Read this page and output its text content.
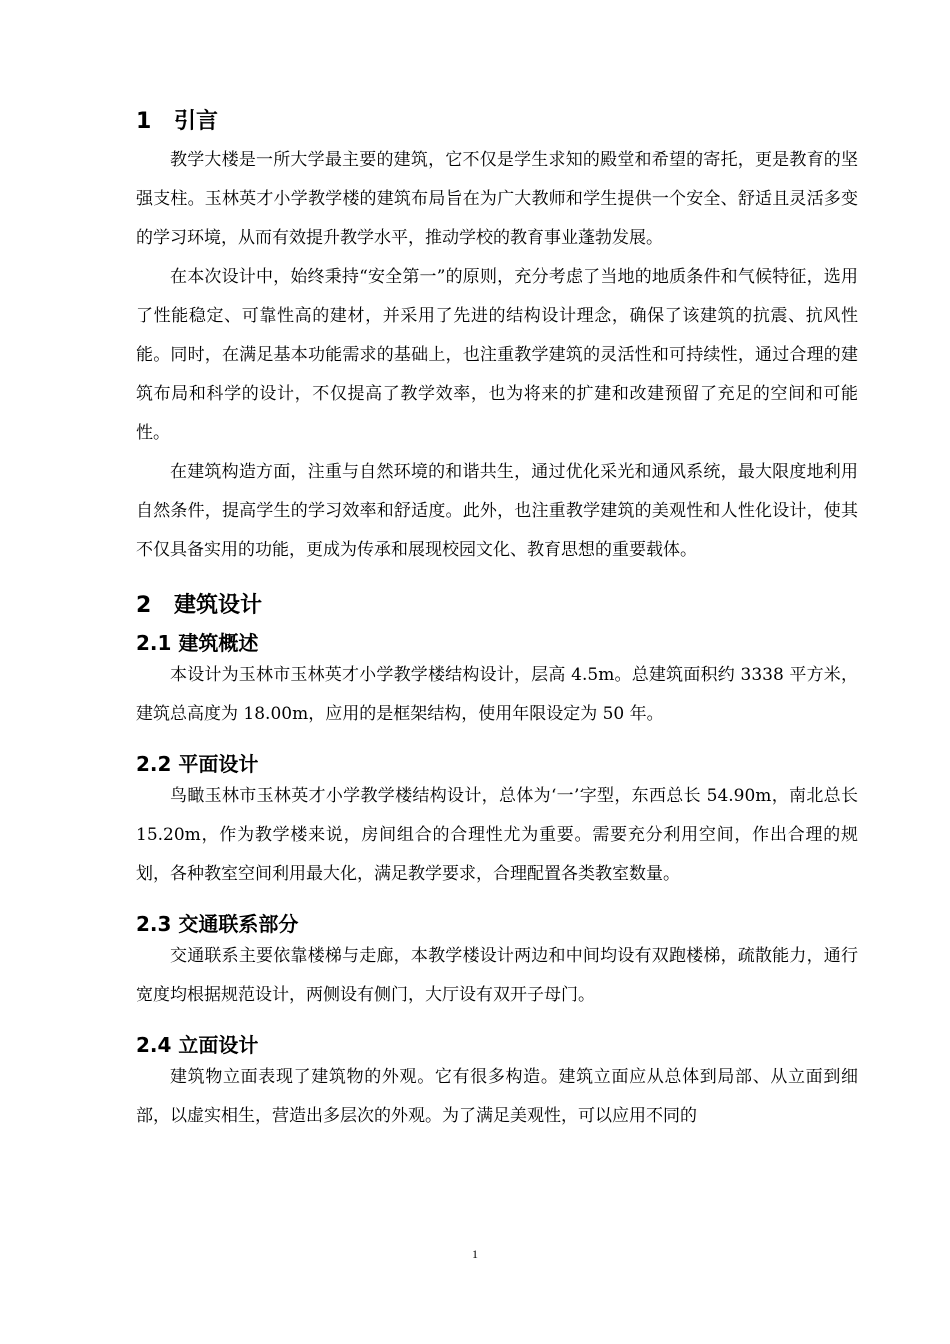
1 引言

教学大楼是一所大学最主要的建筑，它不仅是学生求知的殿堂和希望的寄托，更是教育的坚强支柱。玉林英才小学教学楼的建筑布局旨在为广大教师和学生提供一个安全、舒适且灵活多变的学习环境，从而有效提升教学水平，推动学校的教育事业蓬勃发展。

在本次设计中，始终秉持“安全第一”的原则，充分考虑了当地的地质条件和气候特征，选用了性能稳定、可靠性高的建材，并采用了先进的结构设计理念，确保了该建筑的抗震、抗风性能。同时，在满足基本功能需求的基础上，也注重教学建筑的灵活性和可持续性，通过合理的建筑布局和科学的设计，不仅提高了教学效率，也为将来的扩建和改建预留了充足的空间和可能性。

在建筑构造方面，注重与自然环境的和谐共生，通过优化采光和通风系统，最大限度地利用自然条件，提高学生的学习效率和舒适度。此外，也注重教学建筑的美观性和人性化设计，使其不仅具备实用的功能，更成为传承和展现校园文化、教育思想的重要载体。

2 建筑设计
2.1 建筑概述

本设计为玉林市玉林英才小学教学楼结构设计，层高 4.5m。总建筑面积约 3338 平方米，建筑总高度为 18.00m，应用的是框架结构，使用年限设定为 50 年。

2.2 平面设计

鸟瞰玉林市玉林英才小学教学楼结构设计，总体为‘一’字型，东西总长 54.90m，南北总长 15.20m，作为教学楼来说，房间组合的合理性尤为重要。需要充分利用空间，作出合理的规划，各种教室空间利用最大化，满足教学要求，合理配置各类教室数量。

2.3 交通联系部分

交通联系主要依靠楼梯与走廊，本教学楼设计两边和中间均设有双跑楼梯，疏散能力，通行宽度均根据规范设计，两侧设有侧门，大厅设有双开子母门。

2.4 立面设计

建筑物立面表现了建筑物的外观。它有很多构造。建筑立面应从总体到局部、从立面到细部，以虚实相生，营造出多层次的外观。为了满足美观性，可以应用不同的

1
